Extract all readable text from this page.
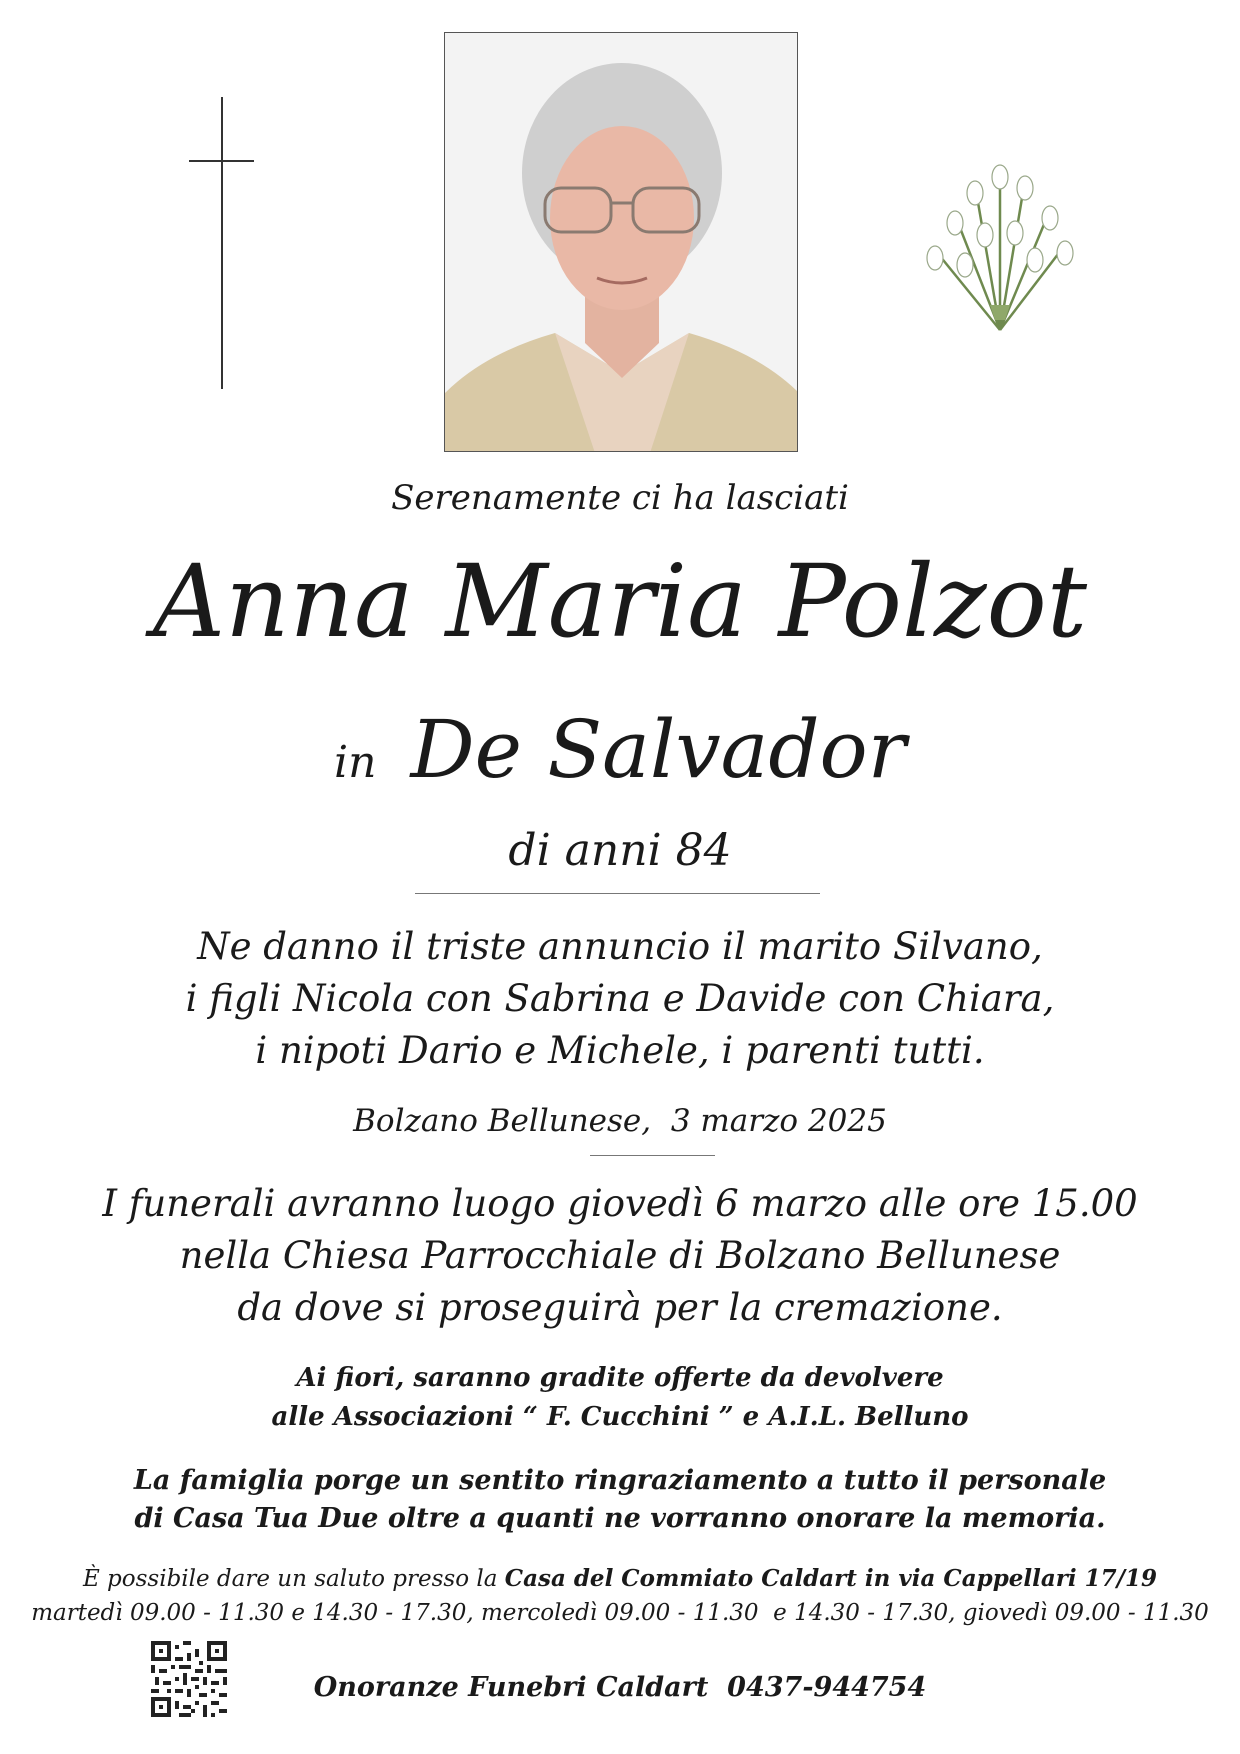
Serenamente ci ha lasciati
Anna Maria Polzot
in De Salvador
di anni 84
Ne danno il triste annuncio il marito Silvano,
i figli Nicola con Sabrina e Davide con Chiara,
i nipoti Dario e Michele, i parenti tutti.
Bolzano Bellunese,  3 marzo 2025
I funerali avranno luogo giovedì 6 marzo alle ore 15.00
nella Chiesa Parrocchiale di Bolzano Bellunese
da dove si proseguirà per la cremazione.
Ai fiori, saranno gradite offerte da devolvere
alle Associazioni “ F. Cucchini ” e A.I.L. Belluno
La famiglia porge un sentito ringraziamento a tutto il personale
di Casa Tua Due oltre a quanti ne vorranno onorare la memoria.
È possibile dare un saluto presso la Casa del Commiato Caldart in via Cappellari 17/19
martedì 09.00 - 11.30 e 14.30 - 17.30, mercoledì 09.00 - 11.30  e 14.30 - 17.30, giovedì 09.00 - 11.30
Onoranze Funebri Caldart  0437-944754
